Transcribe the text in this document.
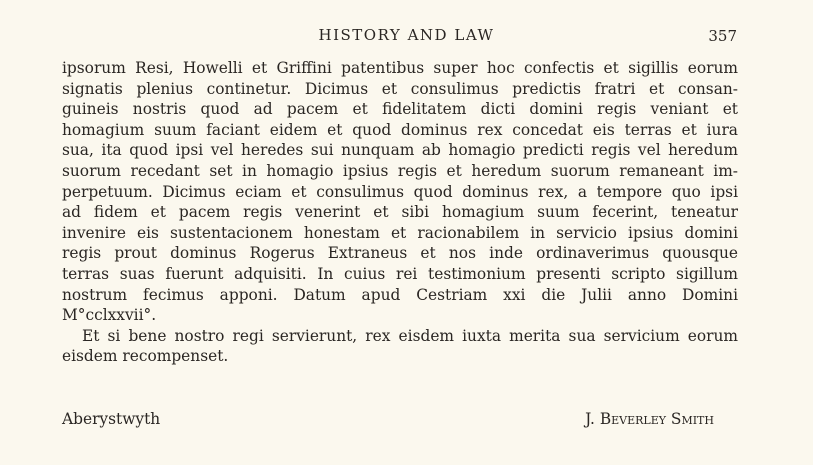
HISTORY AND LAW	357
ipsorum Resi, Howelli et Griffini patentibus super hoc confectis et sigillis eorum
signatis plenius continetur. Dicimus et consulimus predictis fratri et consan-
guineis nostris quod ad pacem et fidelitatem dicti domini regis veniant et
homagium suum faciant eidem et quod dominus rex concedat eis terras et iura
sua, ita quod ipsi vel heredes sui nunquam ab homagio predicti regis vel heredum
suorum recedant set in homagio ipsius regis et heredum suorum remaneant im-
perpetuum. Dicimus eciam et consulimus quod dominus rex, a tempore quo ipsi
ad fidem et pacem regis venerint et sibi homagium suum fecerint, teneatur
invenire eis sustentacionem honestam et racionabilem in servicio ipsius domini
regis prout dominus Rogerus Extraneus et nos inde ordinaverimus quousque
terras suas fuerunt adquisiti. In cuius rei testimonium presenti scripto sigillum
nostrum fecimus apponi. Datum apud Cestriam xxi die Julii anno Domini
M°cclxxvii°.
Et si bene nostro regi servierunt, rex eisdem iuxta merita sua servicium eorum
eisdem recompenset.
Aberystwyth	J. Beverley Smith
